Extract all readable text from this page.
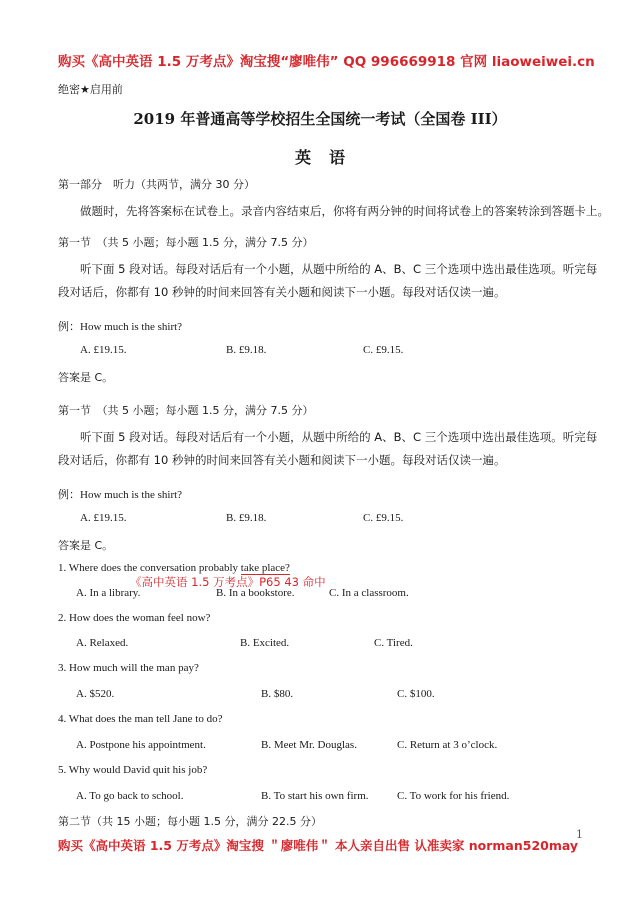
购买《高中英语 1.5 万考点》淘宝搜“廖唯伟” QQ 996669918 官网 liaoweiwei.cn
绝密★启用前
2019 年普通高等学校招生全国统一考试（全国卷 III）
英语
第一部分　听力（共两节，满分 30 分）
做题时，先将答案标在试卷上。录音内容结束后，你将有两分钟的时间将试卷上的答案转涂到答题卡上。
第一节　（共 5 小题；每小题 1.5 分，满分 7.5 分）
听下面 5 段对话。每段对话后有一个小题，从题中所给的 A、B、C 三个选项中选出最佳选项。听完每
段对话后，你都有 10 秒钟的时间来回答有关小题和阅读下一小题。每段对话仅读一遍。
例：How much is the shirt?
A. £19.15.	B. £9.18.	C. £9.15.
答案是 C。
第一节　（共 5 小题；每小题 1.5 分，满分 7.5 分）
听下面 5 段对话。每段对话后有一个小题，从题中所给的 A、B、C 三个选项中选出最佳选项。听完每
段对话后，你都有 10 秒钟的时间来回答有关小题和阅读下一小题。每段对话仅读一遍。
例：How much is the shirt?
A. £19.15.	B. £9.18.	C. £9.15.
答案是 C。
1. Where does the conversation probably take place?
《高中英语 1.5 万考点》P65 43 命中
A. In a library.	B. In a bookstore.	C. In a classroom.
2. How does the woman feel now?
A. Relaxed.	B. Excited.	C. Tired.
3. How much will the man pay?
A. $520.	B. $80.	C. $100.
4. What does the man tell Jane to do?
A. Postpone his appointment.	B. Meet Mr. Douglas.	C. Return at 3 o’clock.
5. Why would David quit his job?
A. To go back to school.	B. To start his own firm.	C. To work for his friend.
第二节（共 15 小题；每小题 1.5 分，满分 22.5 分）
购买《高中英语 1.5 万考点》淘宝搜 ＂廖唯伟＂ 本人亲自出售 认准卖家 norman520may
1
